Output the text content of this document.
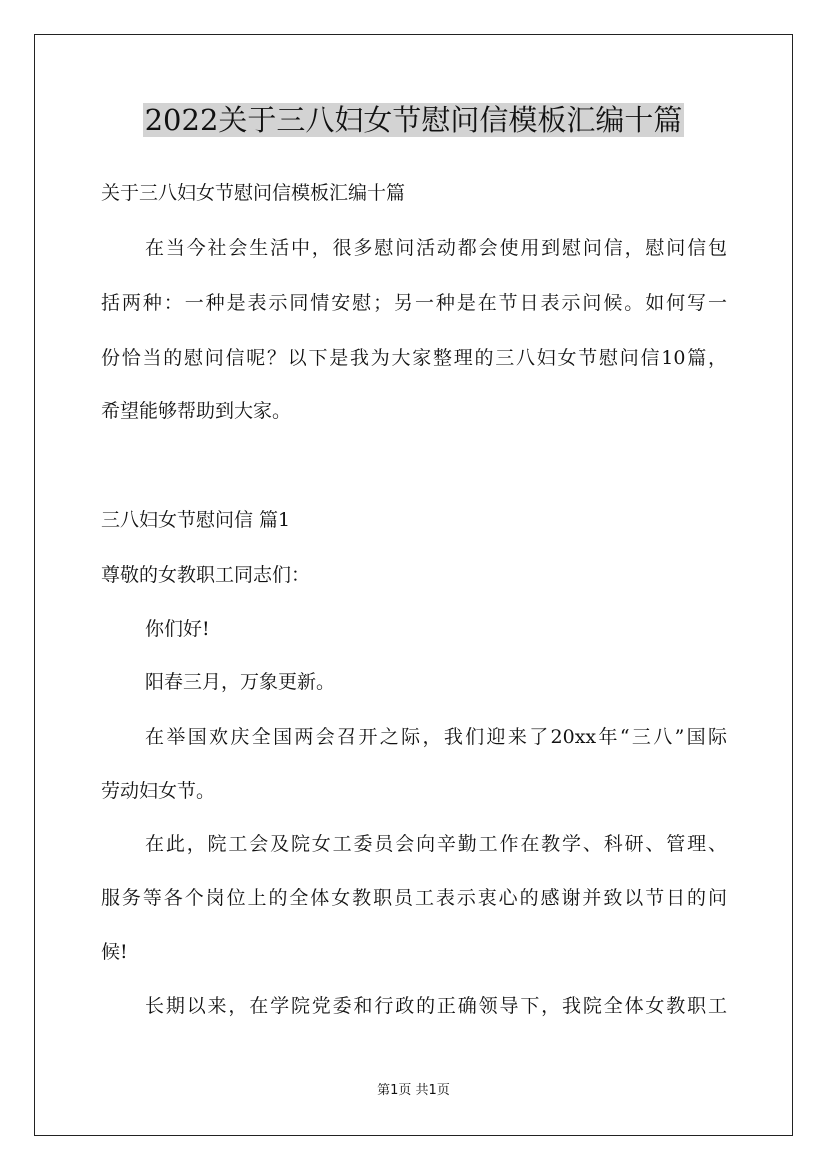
2022关于三八妇女节慰问信模板汇编十篇
关于三八妇女节慰问信模板汇编十篇
在当今社会生活中，很多慰问活动都会使用到慰问信，慰问信包
括两种：一种是表示同情安慰；另一种是在节日表示问候。如何写一
份恰当的慰问信呢？以下是我为大家整理的三八妇女节慰问信10篇，
希望能够帮助到大家。
三八妇女节慰问信 篇1
尊敬的女教职工同志们：
你们好!
阳春三月，万象更新。
在举国欢庆全国两会召开之际，我们迎来了20xx年“三八”国际
劳动妇女节。
在此，院工会及院女工委员会向辛勤工作在教学、科研、管理、
服务等各个岗位上的全体女教职员工表示衷心的感谢并致以节日的问
候!
长期以来，在学院党委和行政的正确领导下，我院全体女教职工
第1页 共1页
